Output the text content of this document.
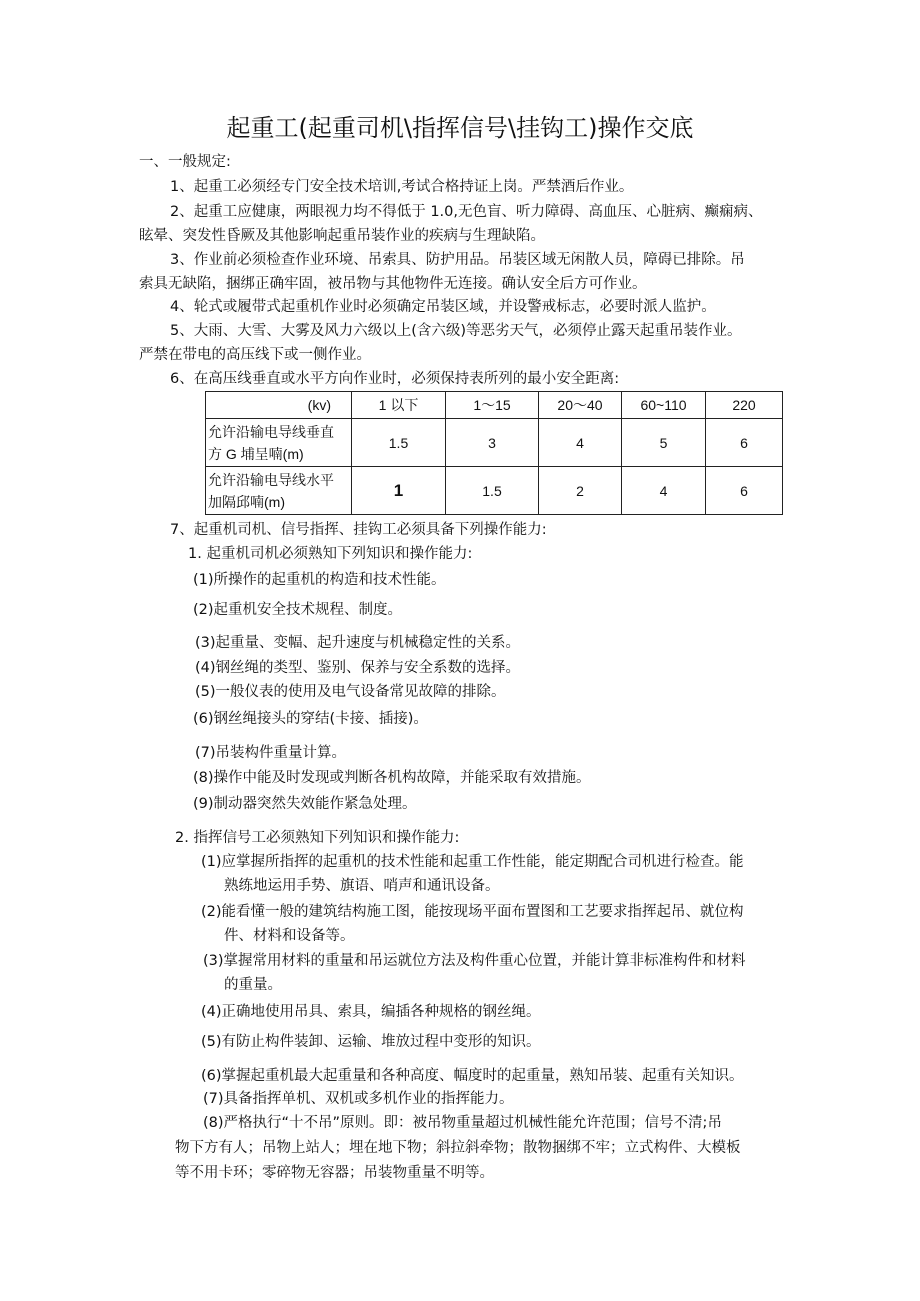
起重工(起重司机\指挥信号\挂钩工)操作交底
一、一般规定:
1、起重工必须经专门安全技术培训,考试合格持证上岗。严禁酒后作业。
2、起重工应健康，两眼视力均不得低于 1.0,无色盲、听力障碍、高血压、心脏病、癫痫病、
眩晕、突发性昏厥及其他影响起重吊装作业的疾病与生理缺陷。
3、作业前必须检查作业环境、吊索具、防护用品。吊装区域无闲散人员，障碍已排除。吊
索具无缺陷，捆绑正确牢固，被吊物与其他物件无连接。确认安全后方可作业。
4、轮式或履带式起重机作业时必须确定吊装区域，并设警戒标志，必要时派人监护。
5、大雨、大雪、大雾及风力六级以上(含六级)等恶劣天气，必须停止露天起重吊装作业。
严禁在带电的高压线下或一侧作业。
6、在高压线垂直或水平方向作业时，必须保持表所列的最小安全距离:
(kv)	1 以下	1～15	20～40	60~110	220
允许沿输电导线垂直
方 G 埔呈喃(m)	1.5	3	4	5	6
允许沿输电导线水平
加隔邱喃(m)	1	1.5	2	4	6
7、起重机司机、信号指挥、挂钩工必须具备下列操作能力:
1. 起重机司机必须熟知下列知识和操作能力:
(1)所操作的起重机的构造和技术性能。
(2)起重机安全技术规程、制度。
(3)起重量、变幅、起升速度与机械稳定性的关系。
(4)钢丝绳的类型、鉴别、保养与安全系数的选择。
(5)一般仪表的使用及电气设备常见故障的排除。
(6)钢丝绳接头的穿结(卡接、插接)。
(7)吊装构件重量计算。
(8)操作中能及时发现或判断各机构故障，并能采取有效措施。
(9)制动器突然失效能作紧急处理。
2. 指挥信号工必须熟知下列知识和操作能力:
(1)应掌握所指挥的起重机的技术性能和起重工作性能，能定期配合司机进行检查。能
熟练地运用手势、旗语、哨声和通讯设备。
(2)能看懂一般的建筑结构施工图，能按现场平面布置图和工艺要求指挥起吊、就位构
件、材料和设备等。
(3)掌握常用材料的重量和吊运就位方法及构件重心位置，并能计算非标准构件和材料
的重量。
(4)正确地使用吊具、索具，编插各种规格的钢丝绳。
(5)有防止构件装卸、运输、堆放过程中变形的知识。
(6)掌握起重机最大起重量和各种高度、幅度时的起重量，熟知吊装、起重有关知识。
(7)具备指挥单机、双机或多机作业的指挥能力。
(8)严格执行“十不吊”原则。即：被吊物重量超过机械性能允许范围；信号不清;吊
物下方有人；吊物上站人；埋在地下物；斜拉斜牵物；散物捆绑不牢；立式构件、大模板
等不用卡环；零碎物无容器；吊装物重量不明等。
